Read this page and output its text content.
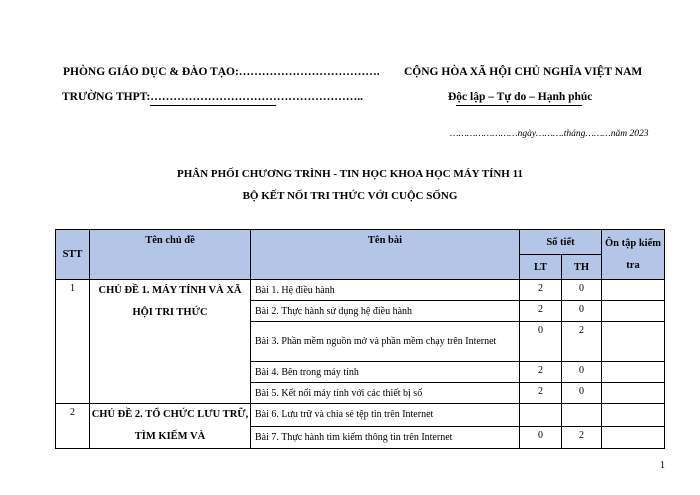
PHÒNG GIÁO DỤC & ĐÀO TẠO:………………………………. CỘNG HÒA XÃ HỘI CHỦ NGHĨA VIỆT NAM
TRƯỜNG THPT:………………………………………………..	Độc lập – Tự do – Hạnh phúc
……………………ngày……….tháng………năm 2023
PHÂN PHỐI CHƯƠNG TRÌNH - TIN HỌC KHOA HỌC MÁY TÍNH 11
BỘ KẾT NỐI TRI THỨC VỚI CUỘC SỐNG
STT	Tên chủ đề	Tên bài	Số tiết		Ôn tập kiểm tra
			LT	TH	
1	CHỦ ĐỀ 1. MÁY TÍNH VÀ XÃ HỘI TRI THỨC	Bài 1. Hệ điều hành	2	0	
		Bài 2. Thực hành sử dụng hệ điều hành	2	0	
		Bài 3. Phần mềm nguồn mở và phần mềm chạy trên Internet	0	2	
		Bài 4. Bên trong máy tính	2	0	
		Bài 5. Kết nối máy tính với các thiết bị số	2	0	
2	CHỦ ĐỀ 2. TỔ CHỨC LƯU TRỮ, TÌM KIẾM VÀ	Bài 6. Lưu trữ và chia sẻ tệp tin trên Internet			
		Bài 7. Thực hành tìm kiếm thông tin trên Internet	0	2	
1
